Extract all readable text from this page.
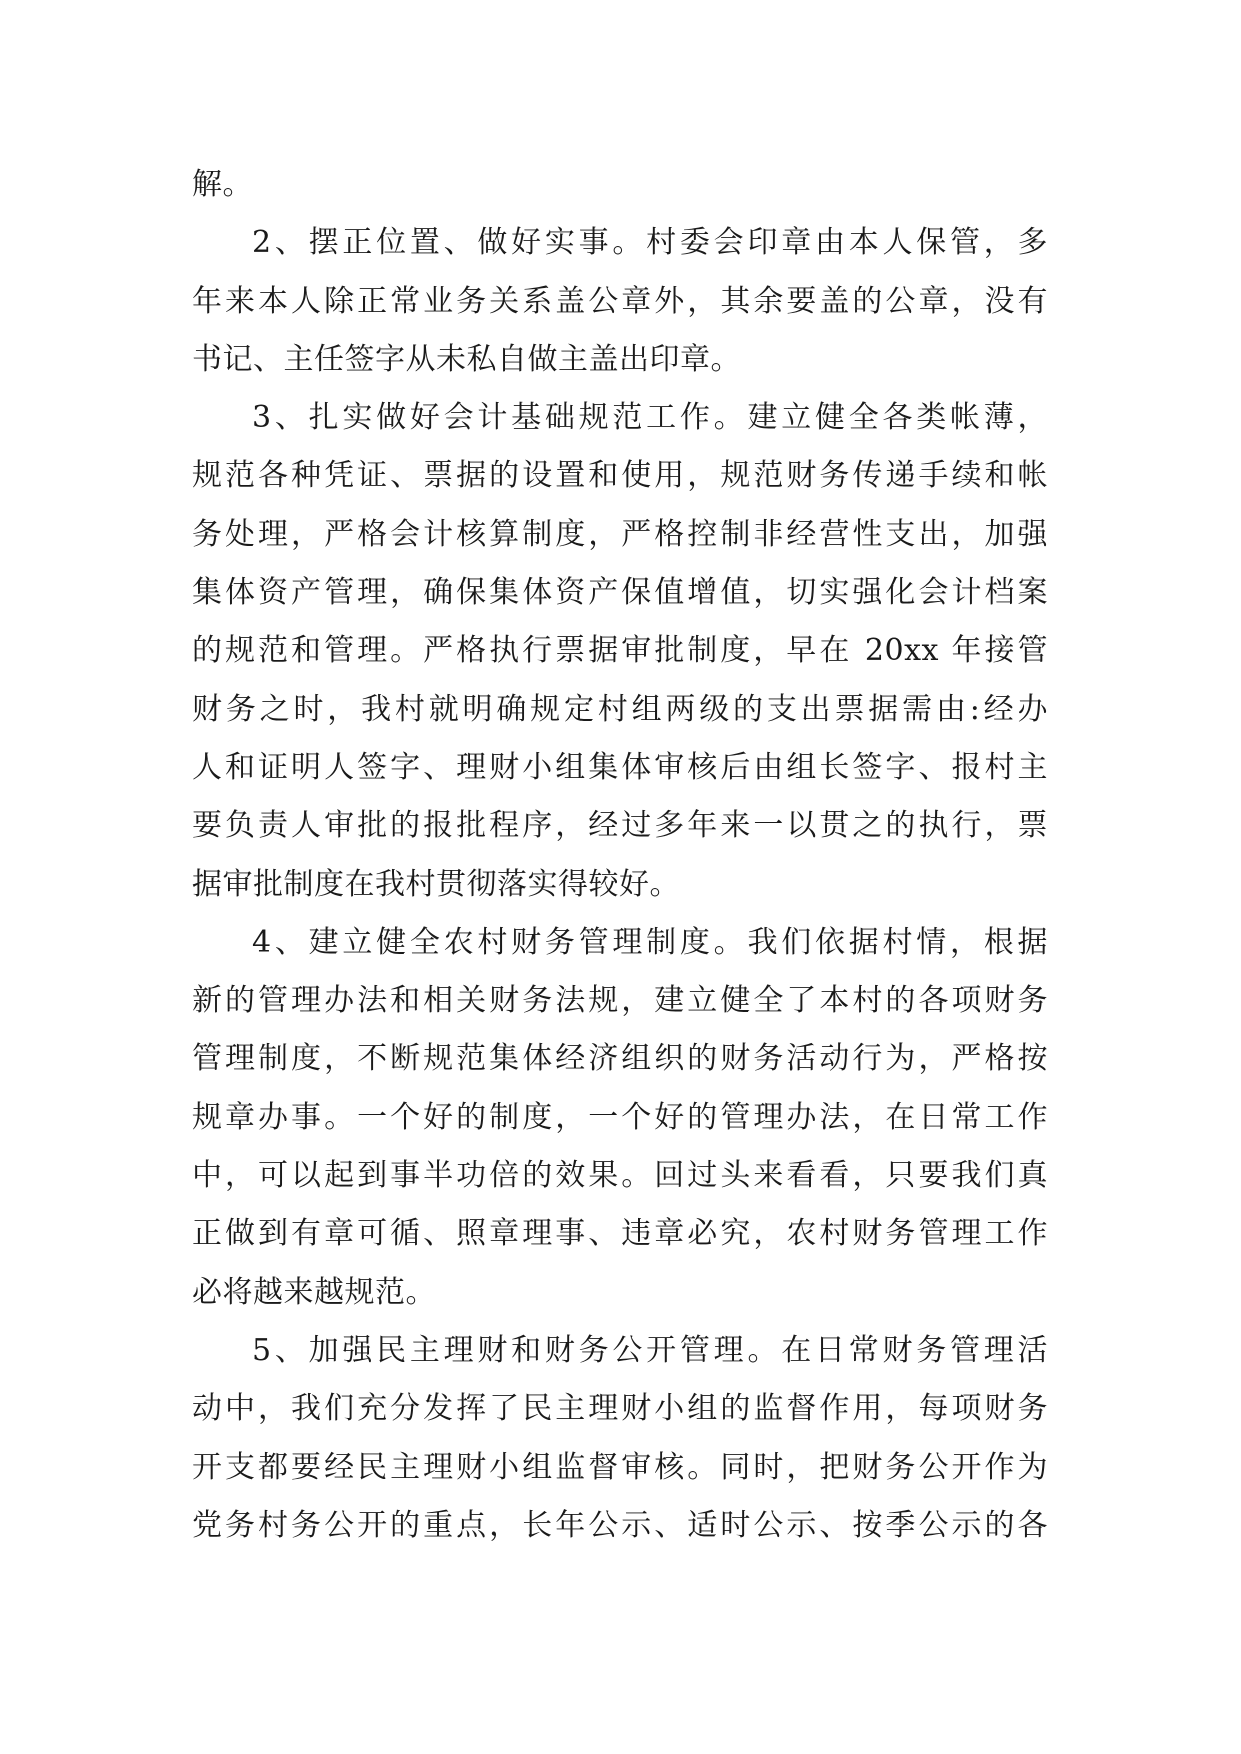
解。
2、摆正位置、做好实事。村委会印章由本人保管，多
年来本人除正常业务关系盖公章外，其余要盖的公章，没有
书记、主任签字从未私自做主盖出印章。
3、扎实做好会计基础规范工作。建立健全各类帐薄，
规范各种凭证、票据的设置和使用，规范财务传递手续和帐
务处理，严格会计核算制度，严格控制非经营性支出，加强
集体资产管理，确保集体资产保值增值，切实强化会计档案
的规范和管理。严格执行票据审批制度，早在 20xx 年接管
财务之时，我村就明确规定村组两级的支出票据需由:经办
人和证明人签字、理财小组集体审核后由组长签字、报村主
要负责人审批的报批程序，经过多年来一以贯之的执行，票
据审批制度在我村贯彻落实得较好。
4、建立健全农村财务管理制度。我们依据村情，根据
新的管理办法和相关财务法规，建立健全了本村的各项财务
管理制度，不断规范集体经济组织的财务活动行为，严格按
规章办事。一个好的制度，一个好的管理办法，在日常工作
中，可以起到事半功倍的效果。回过头来看看，只要我们真
正做到有章可循、照章理事、违章必究，农村财务管理工作
必将越来越规范。
5、加强民主理财和财务公开管理。在日常财务管理活
动中，我们充分发挥了民主理财小组的监督作用，每项财务
开支都要经民主理财小组监督审核。同时，把财务公开作为
党务村务公开的重点，长年公示、适时公示、按季公示的各
